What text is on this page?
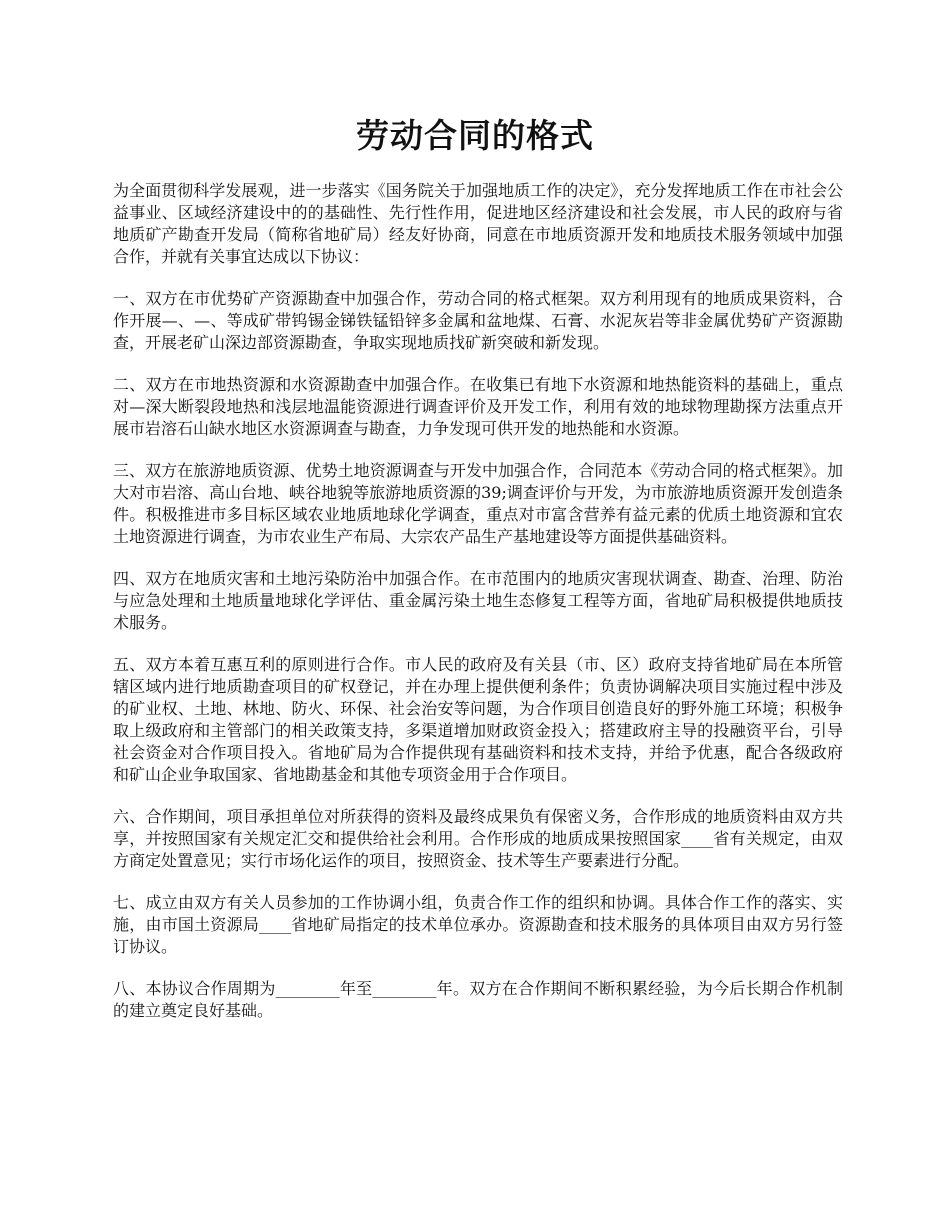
劳动合同的格式

为全面贯彻科学发展观，进一步落实《国务院关于加强地质工作的决定》，充分发挥地质工作在市社会公益事业、区域经济建设中的的基础性、先行性作用，促进地区经济建设和社会发展，市人民的政府与省地质矿产勘查开发局（简称省地矿局）经友好协商，同意在市地质资源开发和地质技术服务领域中加强合作，并就有关事宜达成以下协议：

一、双方在市优势矿产资源勘查中加强合作，劳动合同的格式框架。双方利用现有的地质成果资料，合作开展—、—、等成矿带钨锡金锑铁锰铅锌多金属和盆地煤、石膏、水泥灰岩等非金属优势矿产资源勘查，开展老矿山深边部资源勘查，争取实现地质找矿新突破和新发现。

二、双方在市地热资源和水资源勘查中加强合作。在收集已有地下水资源和地热能资料的基础上，重点对—深大断裂段地热和浅层地温能资源进行调查评价及开发工作，利用有效的地球物理勘探方法重点开展市岩溶石山缺水地区水资源调查与勘查，力争发现可供开发的地热能和水资源。

三、双方在旅游地质资源、优势土地资源调查与开发中加强合作，合同范本《劳动合同的格式框架》。加大对市岩溶、高山台地、峡谷地貌等旅游地质资源的39;调查评价与开发，为市旅游地质资源开发创造条件。积极推进市多目标区域农业地质地球化学调查，重点对市富含营养有益元素的优质土地资源和宜农土地资源进行调查，为市农业生产布局、大宗农产品生产基地建设等方面提供基础资料。

四、双方在地质灾害和土地污染防治中加强合作。在市范围内的地质灾害现状调查、勘查、治理、防治与应急处理和土地质量地球化学评估、重金属污染土地生态修复工程等方面，省地矿局积极提供地质技术服务。

五、双方本着互惠互利的原则进行合作。市人民的政府及有关县（市、区）政府支持省地矿局在本所管辖区域内进行地质勘查项目的矿权登记，并在办理上提供便利条件；负责协调解决项目实施过程中涉及的矿业权、土地、林地、防火、环保、社会治安等问题，为合作项目创造良好的野外施工环境；积极争取上级政府和主管部门的相关政策支持，多渠道增加财政资金投入；搭建政府主导的投融资平台，引导社会资金对合作项目投入。省地矿局为合作提供现有基础资料和技术支持，并给予优惠，配合各级政府和矿山企业争取国家、省地勘基金和其他专项资金用于合作项目。

六、合作期间，项目承担单位对所获得的资料及最终成果负有保密义务，合作形成的地质资料由双方共享，并按照国家有关规定汇交和提供给社会利用。合作形成的地质成果按照国家____省有关规定，由双方商定处置意见；实行市场化运作的项目，按照资金、技术等生产要素进行分配。

七、成立由双方有关人员参加的工作协调小组，负责合作工作的组织和协调。具体合作工作的落实、实施，由市国土资源局____省地矿局指定的技术单位承办。资源勘查和技术服务的具体项目由双方另行签订协议。

八、本协议合作周期为________年至________年。双方在合作期间不断积累经验，为今后长期合作机制的建立奠定良好基础。
